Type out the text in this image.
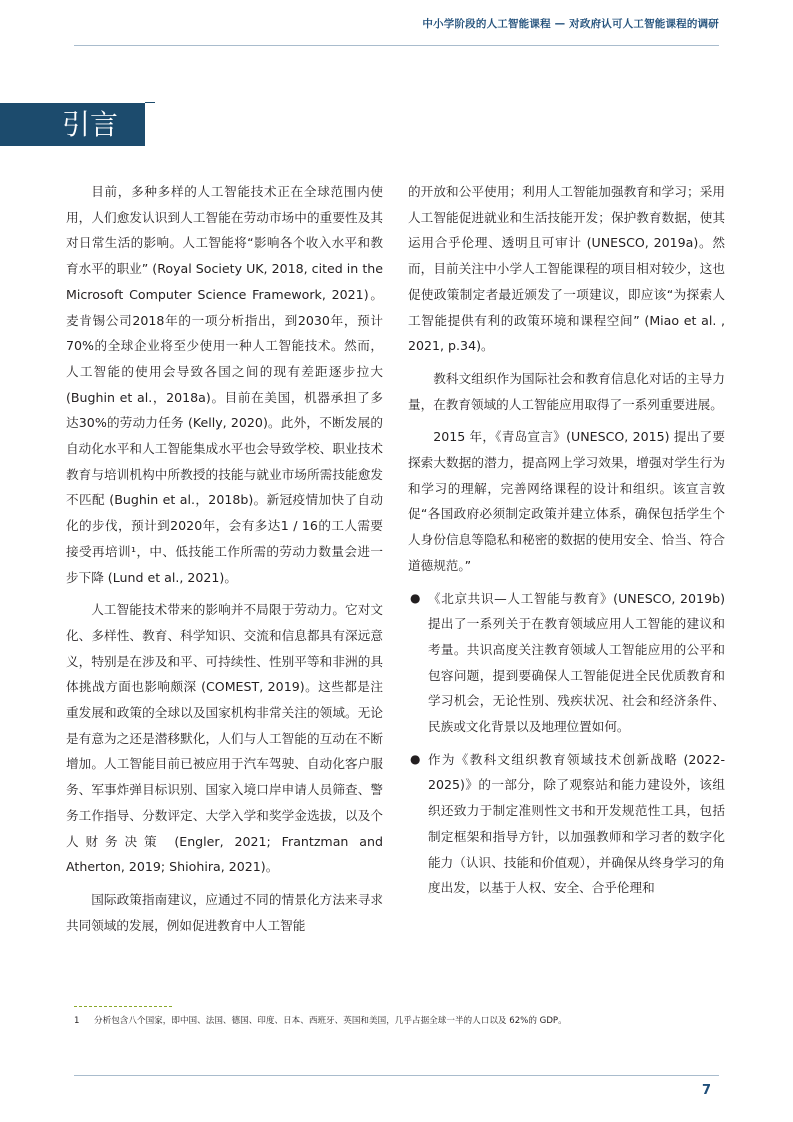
中小学阶段的人工智能课程 — 对政府认可人工智能课程的调研
引言

目前，多种多样的人工智能技术正在全球范围内使用，人们愈发认识到人工智能在劳动市场中的重要性及其对日常生活的影响。人工智能将“影响各个收入水平和教育水平的职业” (Royal Society UK, 2018, cited in the Microsoft Computer Science Framework, 2021)。麦肯锡公司2018年的一项分析指出，到2030年，预计70%的全球企业将至少使用一种人工智能技术。然而，人工智能的使用会导致各国之间的现有差距逐步拉大 (Bughin et al.，2018a)。目前在美国，机器承担了多达30%的劳动力任务 (Kelly, 2020)。此外，不断发展的自动化水平和人工智能集成水平也会导致学校、职业技术教育与培训机构中所教授的技能与就业市场所需技能愈发不匹配 (Bughin et al.，2018b)。新冠疫情加快了自动化的步伐，预计到2020年，会有多达1 / 16的工人需要接受再培训¹，中、低技能工作所需的劳动力数量会进一步下降 (Lund et al., 2021)。

人工智能技术带来的影响并不局限于劳动力。它对文化、多样性、教育、科学知识、交流和信息都具有深远意义，特别是在涉及和平、可持续性、性别平等和非洲的具体挑战方面也影响颇深 (COMEST, 2019)。这些都是注重发展和政策的全球以及国家机构非常关注的领域。无论是有意为之还是潜移默化，人们与人工智能的互动在不断增加。人工智能目前已被应用于汽车驾驶、自动化客户服务、军事炸弹目标识别、国家入境口岸申请人员筛查、警务工作指导、分数评定、大学入学和奖学金选拔，以及个人财务决策 (Engler, 2021; Frantzman and Atherton, 2019; Shiohira, 2021)。

国际政策指南建议，应通过不同的情景化方法来寻求共同领域的发展，例如促进教育中人工智能

的开放和公平使用；利用人工智能加强教育和学习；采用人工智能促进就业和生活技能开发；保护教育数据，使其运用合乎伦理、透明且可审计 (UNESCO, 2019a)。然而，目前关注中小学人工智能课程的项目相对较少，这也促使政策制定者最近颁发了一项建议，即应该“为探索人工智能提供有利的政策环境和课程空间” (Miao et al. , 2021, p.34)。

教科文组织作为国际社会和教育信息化对话的主导力量，在教育领域的人工智能应用取得了一系列重要进展。

2015 年，《青岛宣言》(UNESCO, 2015) 提出了要探索大数据的潜力，提高网上学习效果，增强对学生行为和学习的理解，完善网络课程的设计和组织。该宣言敦促“各国政府必须制定政策并建立体系，确保包括学生个人身份信息等隐私和秘密的数据的使用安全、恰当、符合道德规范。”

● 《北京共识—人工智能与教育》(UNESCO, 2019b) 提出了一系列关于在教育领域应用人工智能的建议和考量。共识高度关注教育领域人工智能应用的公平和包容问题，提到要确保人工智能促进全民优质教育和学习机会，无论性别、残疾状况、社会和经济条件、民族或文化背景以及地理位置如何。
● 作为《教科文组织教育领域技术创新战略 (2022-2025)》的一部分，除了观察站和能力建设外，该组织还致力于制定准则性文书和开发规范性工具，包括制定框架和指导方针，以加强教师和学习者的数字化能力（认识、技能和价值观），并确保从终身学习的角度出发，以基于人权、安全、合乎伦理和
1 分析包含八个国家，即中国、法国、德国、印度、日本、西班牙、英国和美国，几乎占据全球一半的人口以及 62%的 GDP。
7
